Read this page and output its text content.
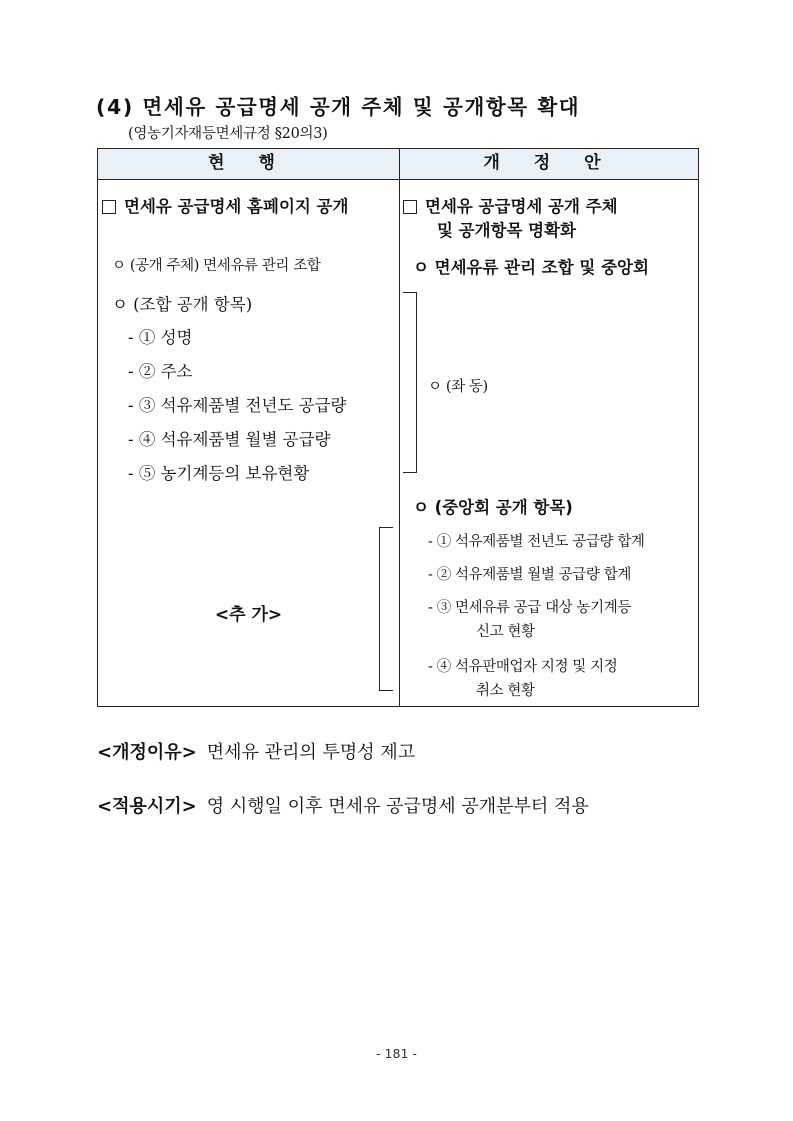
(4) 면세유 공급명세 공개 주체 및 공개항목 확대
(영농기자재등면세규정 §20의3)
현 행	개 정 안
면세유 공급명세 홈페이지 공개
ㅇ (공개 주체) 면세유류 관리 조합
ㅇ (조합 공개 항목)
- ① 성명
- ② 주소
- ③ 석유제품별 전년도 공급량
- ④ 석유제품별 월별 공급량
- ⑤ 농기계등의 보유현황
<추 가>
면세유 공급명세 공개 주체
및 공개항목 명확화
ㅇ 면세유류 관리 조합 및 중앙회
ㅇ (좌 동)
ㅇ (중앙회 공개 항목)
- ① 석유제품별 전년도 공급량 합계
- ② 석유제품별 월별 공급량 합계
- ③ 면세유류 공급 대상 농기계등
신고 현황
- ④ 석유판매업자 지정 및 지정
취소 현황
<개정이유> 면세유 관리의 투명성 제고
<적용시기> 영 시행일 이후 면세유 공급명세 공개분부터 적용
- 181 -
